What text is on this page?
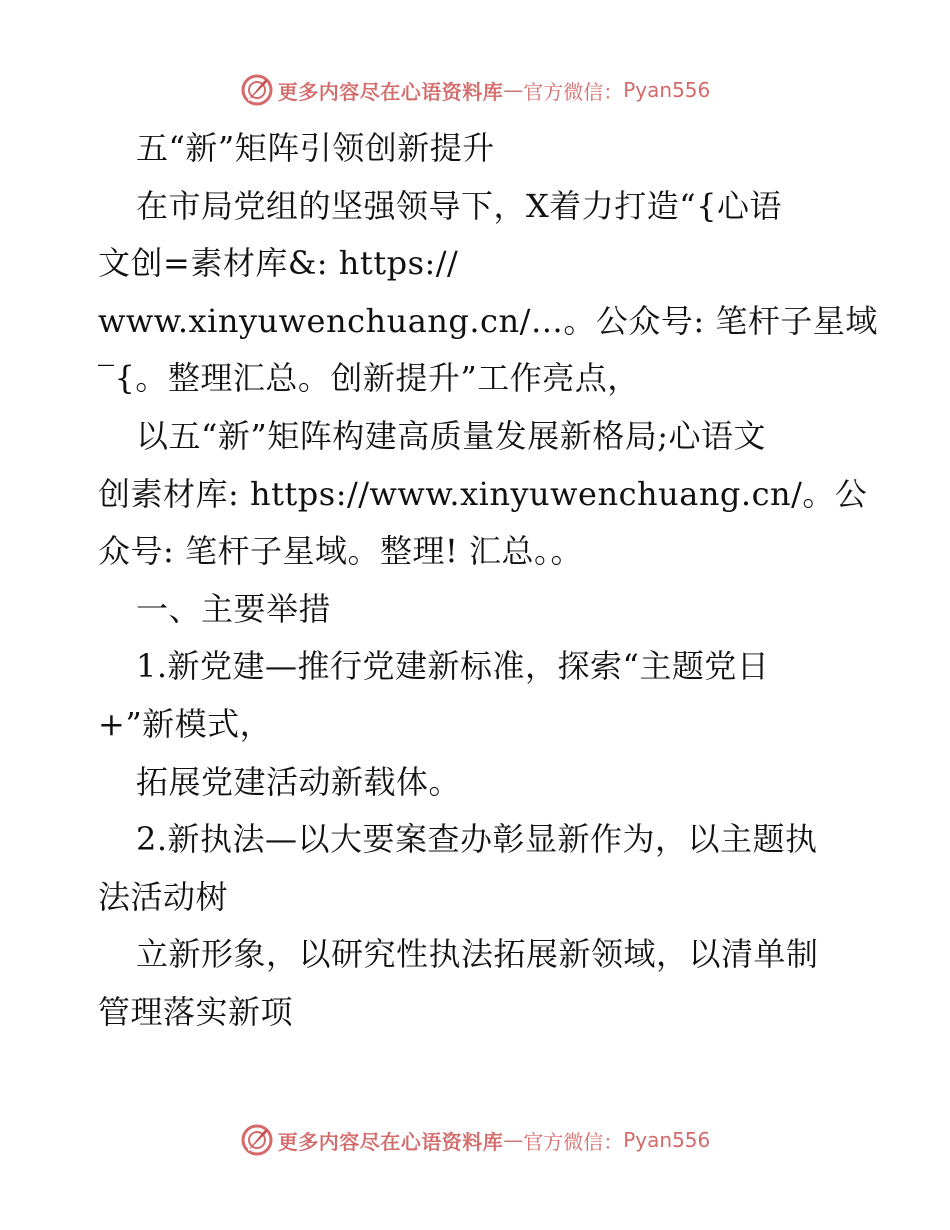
更多内容尽在心语资料库 — 官方微信： Pyan556
五“新”矩阵引领创新提升
在市局党组的坚强领导下，X着力打造“{心语
文创=素材库&: https://
www.xinyuwenchuang.cn/…。公众号: 笔杆子星域
‾{。整理汇总。创新提升”工作亮点，
以五“新”矩阵构建高质量发展新格局;心语文
创素材库: https://www.xinyuwenchuang.cn/。公
众号: 笔杆子星域。整理! 汇总。。
一、主要举措
1.新党建—推行党建新标准，探索“主题党日
+”新模式，
拓展党建活动新载体。
2.新执法—以大要案查办彰显新作为，以主题执
法活动树
立新形象，以研究性执法拓展新领域，以清单制
管理落实新项
更多内容尽在心语资料库 — 官方微信： Pyan556
